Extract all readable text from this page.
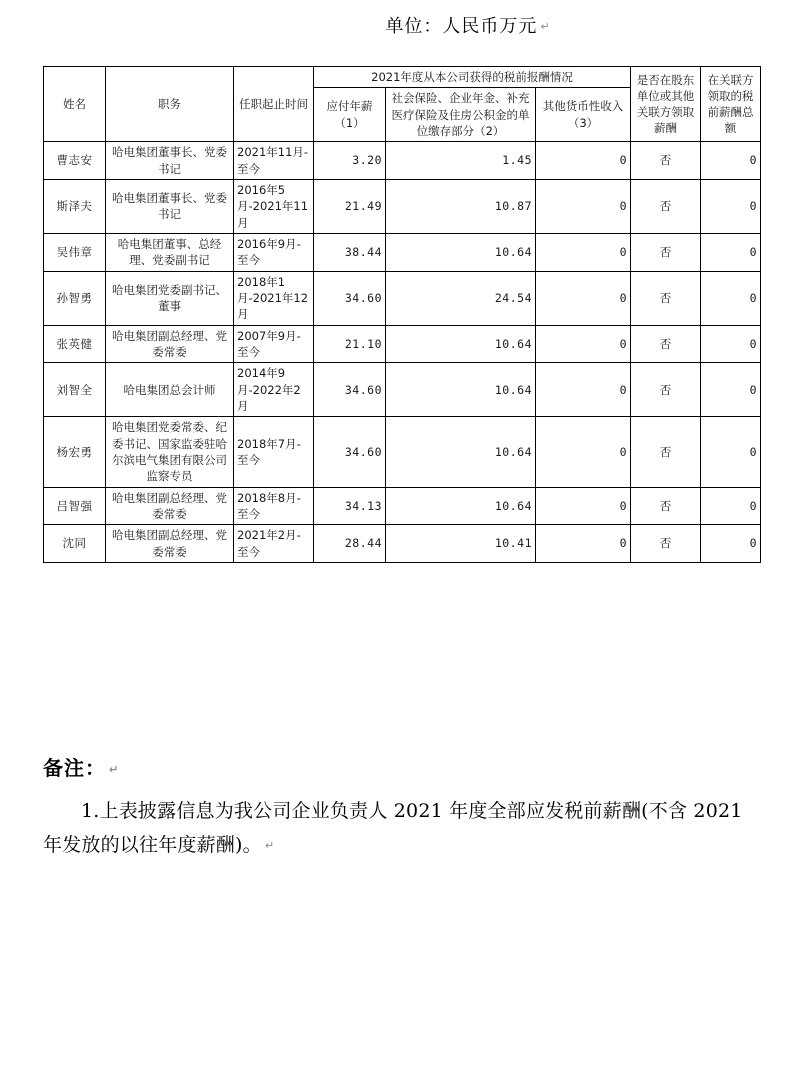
单位：人民币万元 ↵
姓名	职务	任职起止时间	2021年度从本公司获得的税前报酬情况			是否在股东单位或其他关联方领取薪酬	在关联方领取的税前薪酬总额
			应付年薪（1）	社会保险、企业年金、补充医疗保险及住房公积金的单位缴存部分（2）	其他货币性收入（3）		
曹志安	哈电集团董事长、党委书记	2021年11月-至今	3.20	1.45	0	否	0
斯泽夫	哈电集团董事长、党委书记	2016年5月-2021年11月	21.49	10.87	0	否	0
吴伟章	哈电集团董事、总经理、党委副书记	2016年9月-至今	38.44	10.64	0	否	0
孙智勇	哈电集团党委副书记、董事	2018年1月-2021年12月	34.60	24.54	0	否	0
张英健	哈电集团副总经理、党委常委	2007年9月-至今	21.10	10.64	0	否	0
刘智全	哈电集团总会计师	2014年9月-2022年2月	34.60	10.64	0	否	0
杨宏勇	哈电集团党委常委、纪委书记、国家监委驻哈尔滨电气集团有限公司监察专员	2018年7月-至今	34.60	10.64	0	否	0
吕智强	哈电集团副总经理、党委常委	2018年8月-至今	34.13	10.64	0	否	0
沈同	哈电集团副总经理、党委常委	2021年2月-至今	28.44	10.41	0	否	0

备注： ↵

1.上表披露信息为我公司企业负责人 2021 年度全部应发税前薪酬(不含 2021 年发放的以往年度薪酬)。 ↵
